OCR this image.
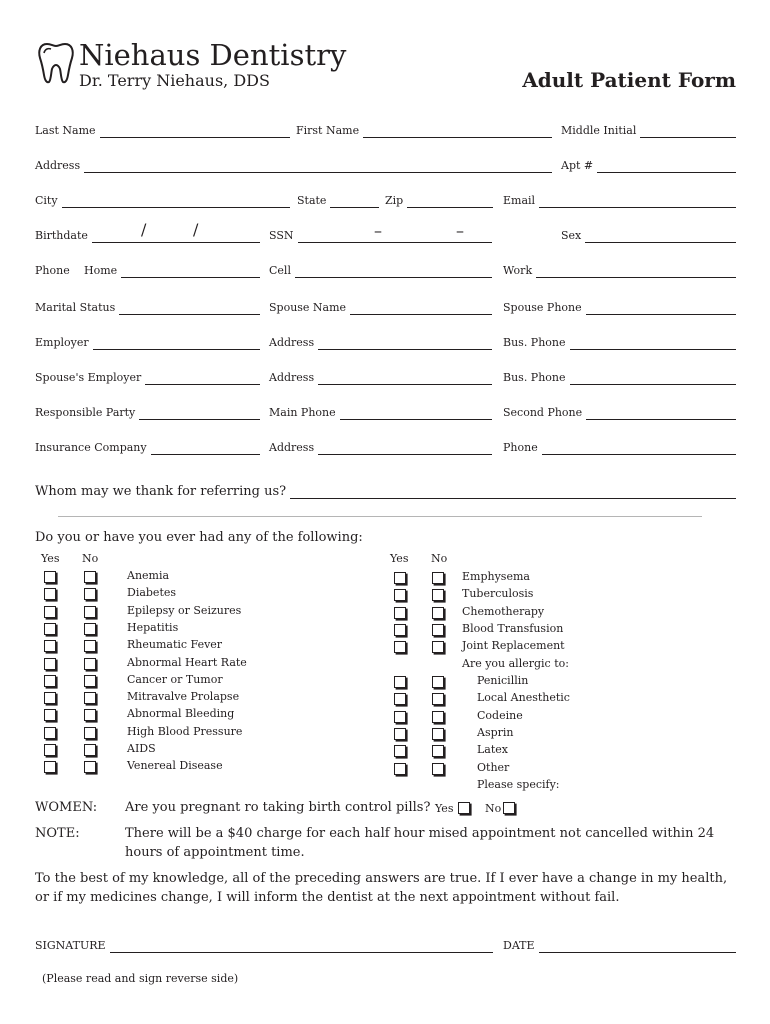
Niehaus Dentistry
Dr. Terry Niehaus, DDS	Adult Patient Form
Last Name	First Name	Middle Initial
Address	Apt #
City	State	Zip	Email
Birthdate	/	/	SSN	–	–	Sex
Phone Home	Cell	Work
Marital Status	Spouse Name	Spouse Phone
Employer	Address	Bus. Phone
Spouse's Employer	Address	Bus. Phone
Responsible Party	Main Phone	Second Phone
Insurance Company	Address	Phone
Whom may we thank for referring us?
Do you or have you ever had any of the following:
Yes No	Yes No
Anemia
Diabetes
Epilepsy or Seizures
Hepatitis
Rheumatic Fever
Abnormal Heart Rate
Cancer or Tumor
Mitravalve Prolapse
Abnormal Bleeding
High Blood Pressure
AIDS
Venereal Disease
Emphysema
Tuberculosis
Chemotherapy
Blood Transfusion
Joint Replacement
Are you allergic to:
Penicillin
Local Anesthetic
Codeine
Asprin
Latex
Other
Please specify:
WOMEN: Are you pregnant ro taking birth control pills? Yes	No
NOTE:	There will be a $40 charge for each half hour mised appointment not cancelled within 24 hours of appointment time.
To the best of my knowledge, all of the preceding answers are true. If I ever have a change in my health, or if my medicines change, I will inform the dentist at the next appointment without fail.
SIGNATURE	DATE
(Please read and sign reverse side)
